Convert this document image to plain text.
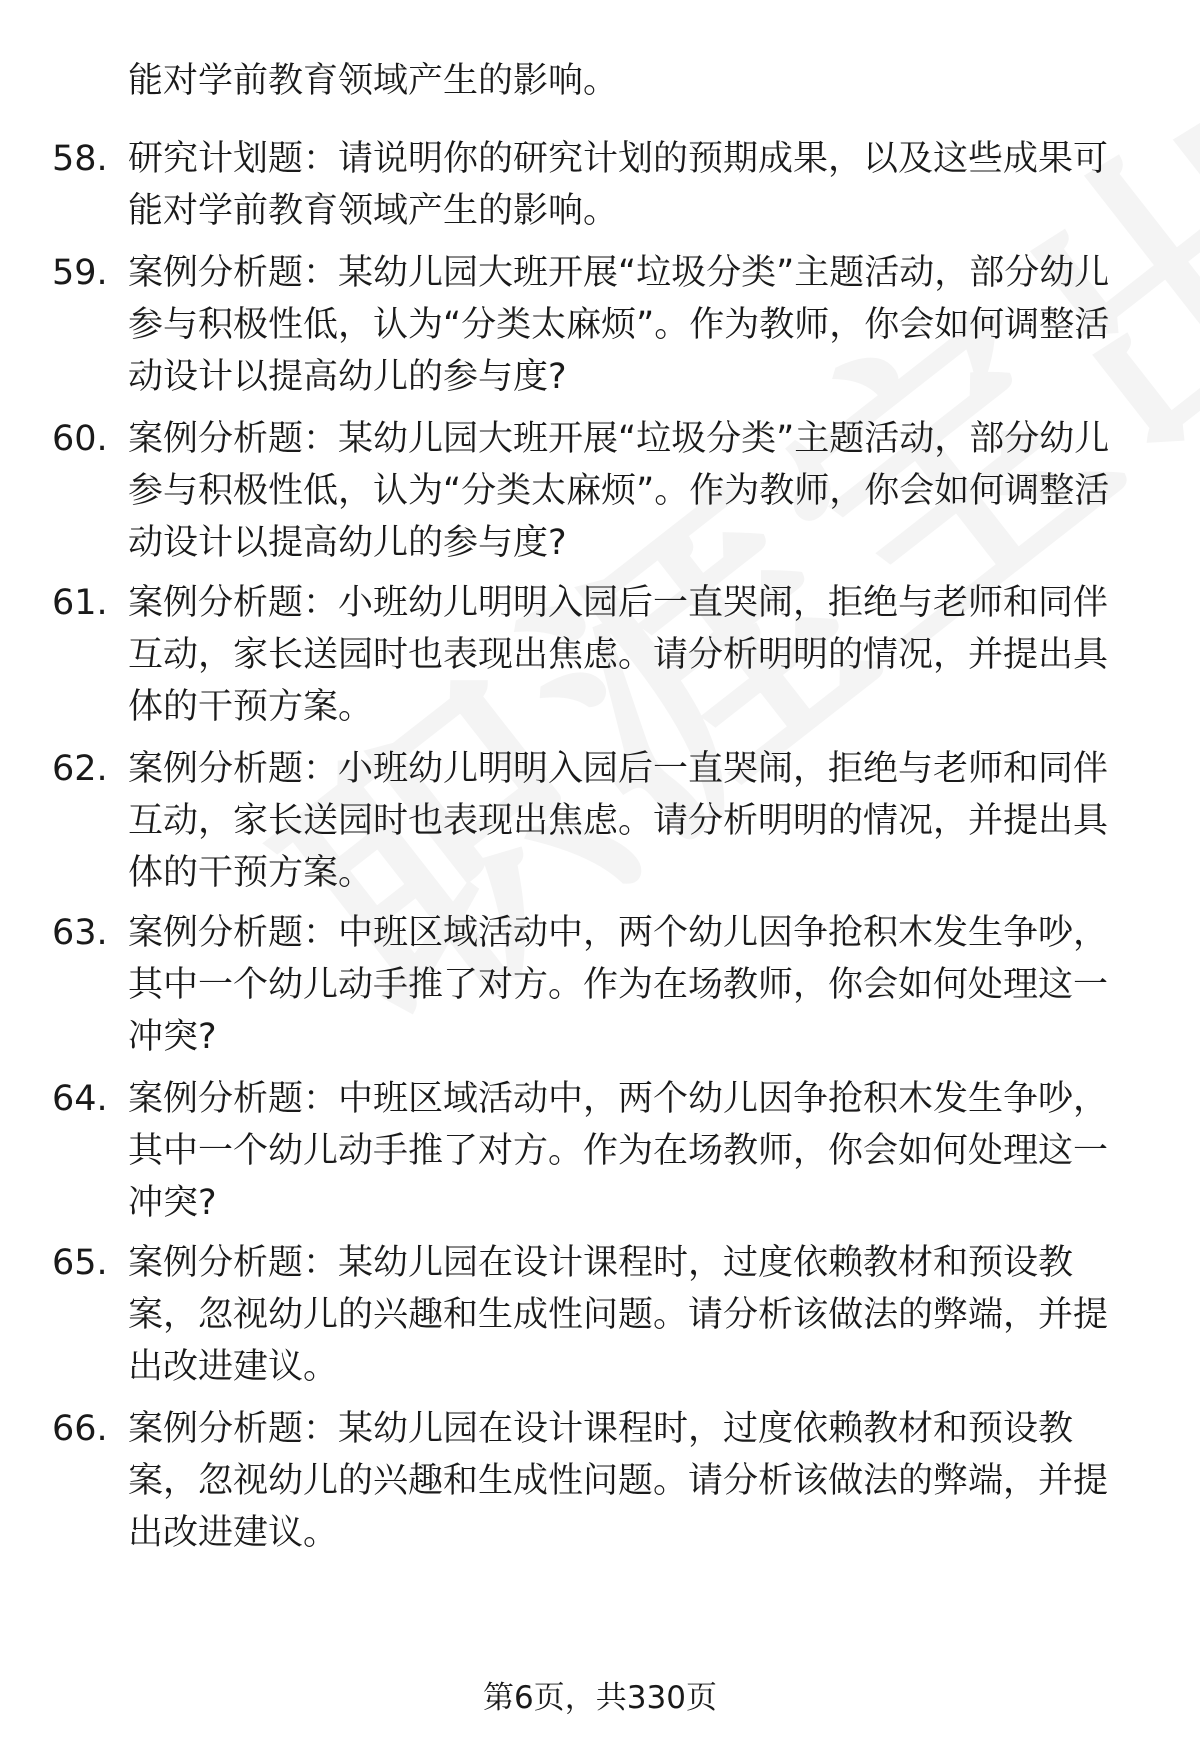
能对学前教育领域产生的影响。
58. 研究计划题：请说明你的研究计划的预期成果，以及这些成果可能对学前教育领域产生的影响。
59. 案例分析题：某幼儿园大班开展“垃圾分类”主题活动，部分幼儿参与积极性低，认为“分类太麻烦”。作为教师，你会如何调整活动设计以提高幼儿的参与度?
60. 案例分析题：某幼儿园大班开展“垃圾分类”主题活动，部分幼儿参与积极性低，认为“分类太麻烦”。作为教师，你会如何调整活动设计以提高幼儿的参与度?
61. 案例分析题：小班幼儿明明入园后一直哭闹，拒绝与老师和同伴互动，家长送园时也表现出焦虑。请分析明明的情况，并提出具体的干预方案。
62. 案例分析题：小班幼儿明明入园后一直哭闹，拒绝与老师和同伴互动，家长送园时也表现出焦虑。请分析明明的情况，并提出具体的干预方案。
63. 案例分析题：中班区域活动中，两个幼儿因争抢积木发生争吵，其中一个幼儿动手推了对方。作为在场教师，你会如何处理这一冲突?
64. 案例分析题：中班区域活动中，两个幼儿因争抢积木发生争吵，其中一个幼儿动手推了对方。作为在场教师，你会如何处理这一冲突?
65. 案例分析题：某幼儿园在设计课程时，过度依赖教材和预设教案，忽视幼儿的兴趣和生成性问题。请分析该做法的弊端，并提出改进建议。
66. 案例分析题：某幼儿园在设计课程时，过度依赖教材和预设教案，忽视幼儿的兴趣和生成性问题。请分析该做法的弊端，并提出改进建议。
第6页，共330页
